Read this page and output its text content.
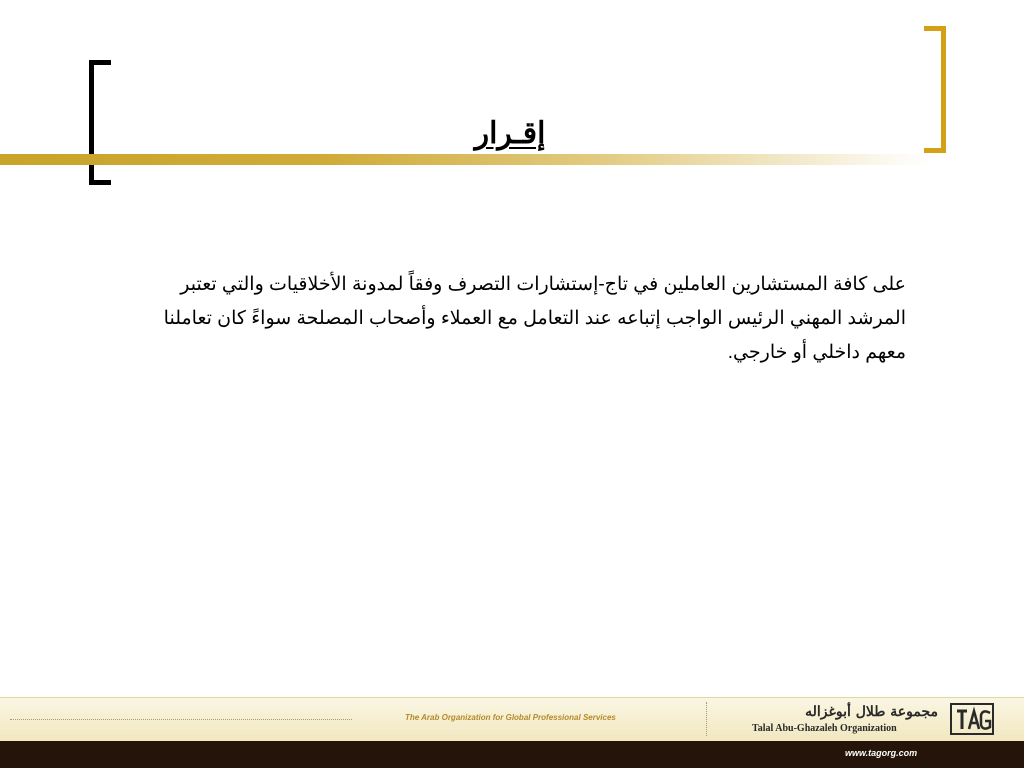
إقـرار

على كافة المستشارين العاملين في تاج-إستشارات التصرف وفقاً لمدونة الأخلاقيات والتي تعتبر المرشد المهني الرئيس الواجب إتباعه عند التعامل مع العملاء وأصحاب المصلحة سواءً كان تعاملنا معهم داخلي أو خارجي.

The Arab Organization for Global Professional Services	مجموعة طلال أبوغزاله
Talal Abu-Ghazaleh Organization
www.tagorg.com
